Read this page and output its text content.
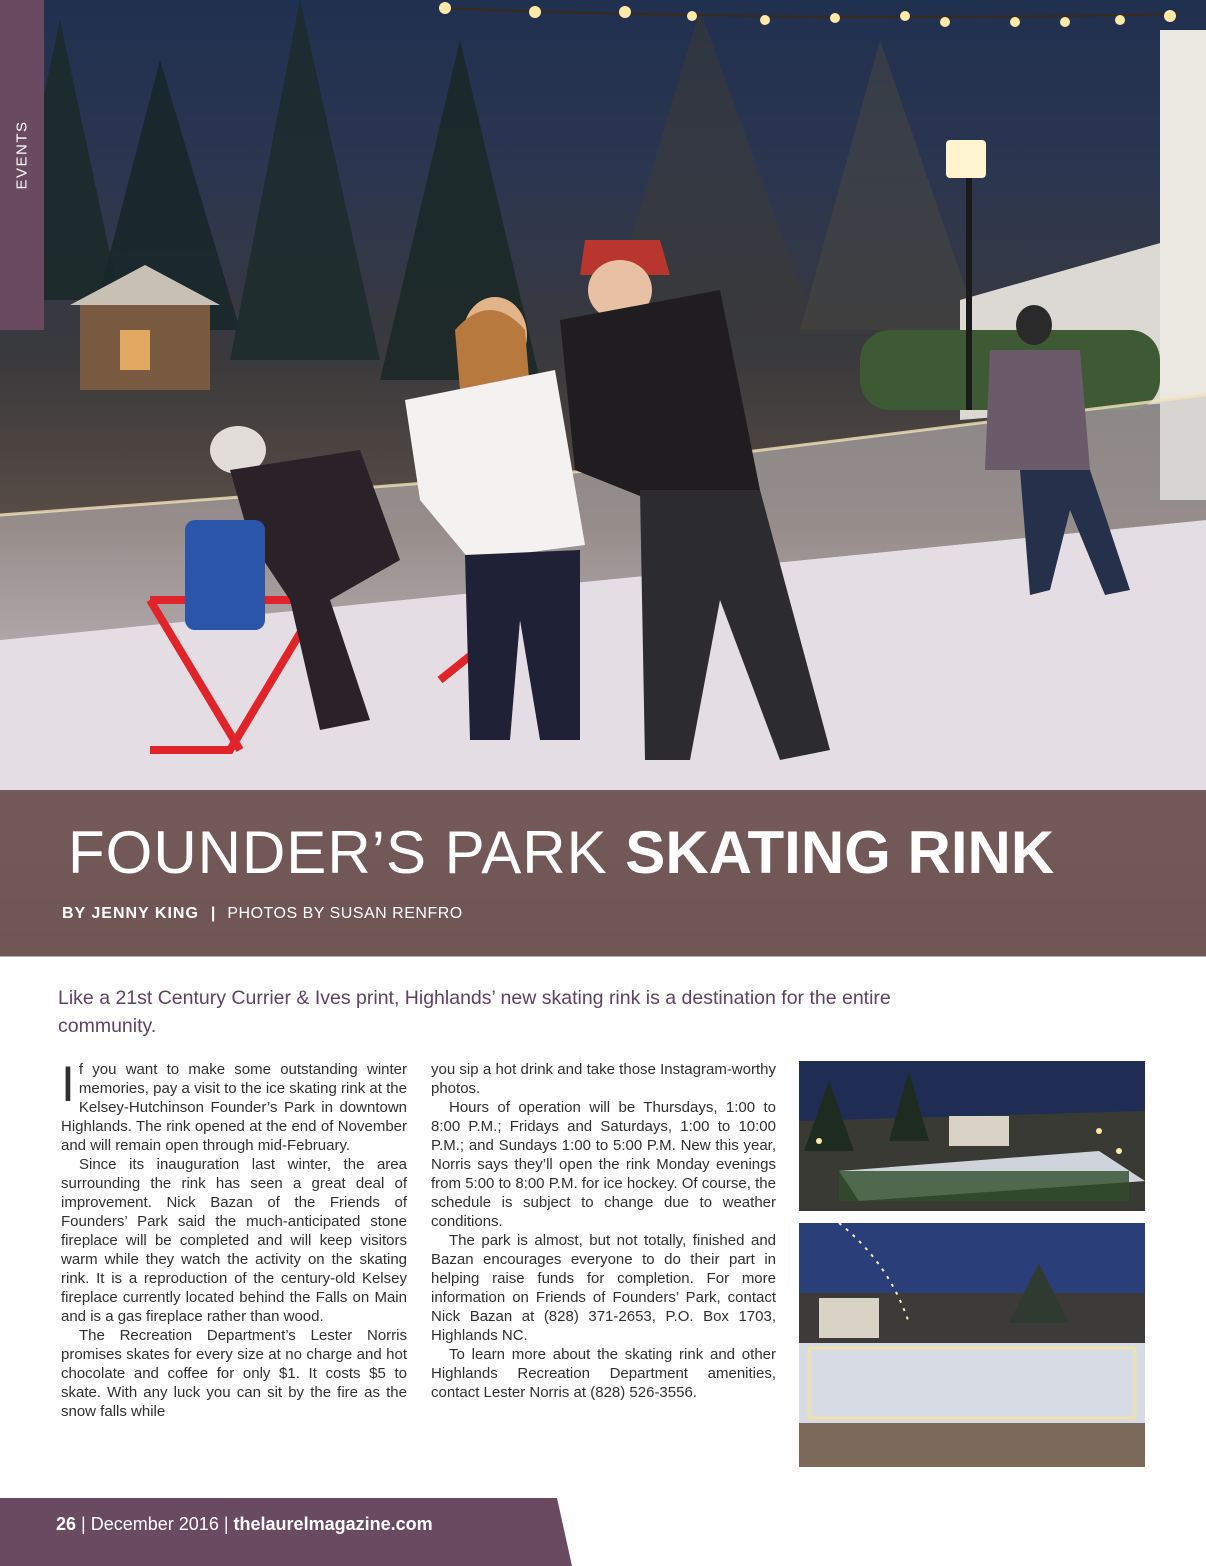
EVENTS
FOUNDER’S PARK SKATING RINK
BY JENNY KING | PHOTOS BY SUSAN RENFRO
Like a 21st Century Currier & Ives print, Highlands’ new skating rink is a destination for the entire community.

If you want to make some outstanding winter memories, pay a visit to the ice skating rink at the Kelsey-Hutchinson Founder’s Park in downtown Highlands. The rink opened at the end of November and will remain open through mid-February.

Since its inauguration last winter, the area surrounding the rink has seen a great deal of improvement. Nick Bazan of the Friends of Founders’ Park said the much-anticipated stone fireplace will be completed and will keep visitors warm while they watch the activity on the skating rink. It is a reproduction of the century-old Kelsey fireplace currently located behind the Falls on Main and is a gas fireplace rather than wood.

The Recreation Department’s Lester Norris promises skates for every size at no charge and hot chocolate and coffee for only $1. It costs $5 to skate. With any luck you can sit by the fire as the snow falls while

you sip a hot drink and take those Instagram-worthy photos.

Hours of operation will be Thursdays, 1:00 to 8:00 P.M.; Fridays and Saturdays, 1:00 to 10:00 P.M.; and Sundays 1:00 to 5:00 P.M. New this year, Norris says they’ll open the rink Monday evenings from 5:00 to 8:00 P.M. for ice hockey. Of course, the schedule is subject to change due to weather conditions.

The park is almost, but not totally, finished and Bazan encourages everyone to do their part in helping raise funds for completion. For more information on Friends of Founders’ Park, contact Nick Bazan at (828) 371-2653, P.O. Box 1703, Highlands NC.

To learn more about the skating rink and other Highlands Recreation Department amenities, contact Lester Norris at (828) 526-3556.

26 | December 2016 | thelaurelmagazine.com
